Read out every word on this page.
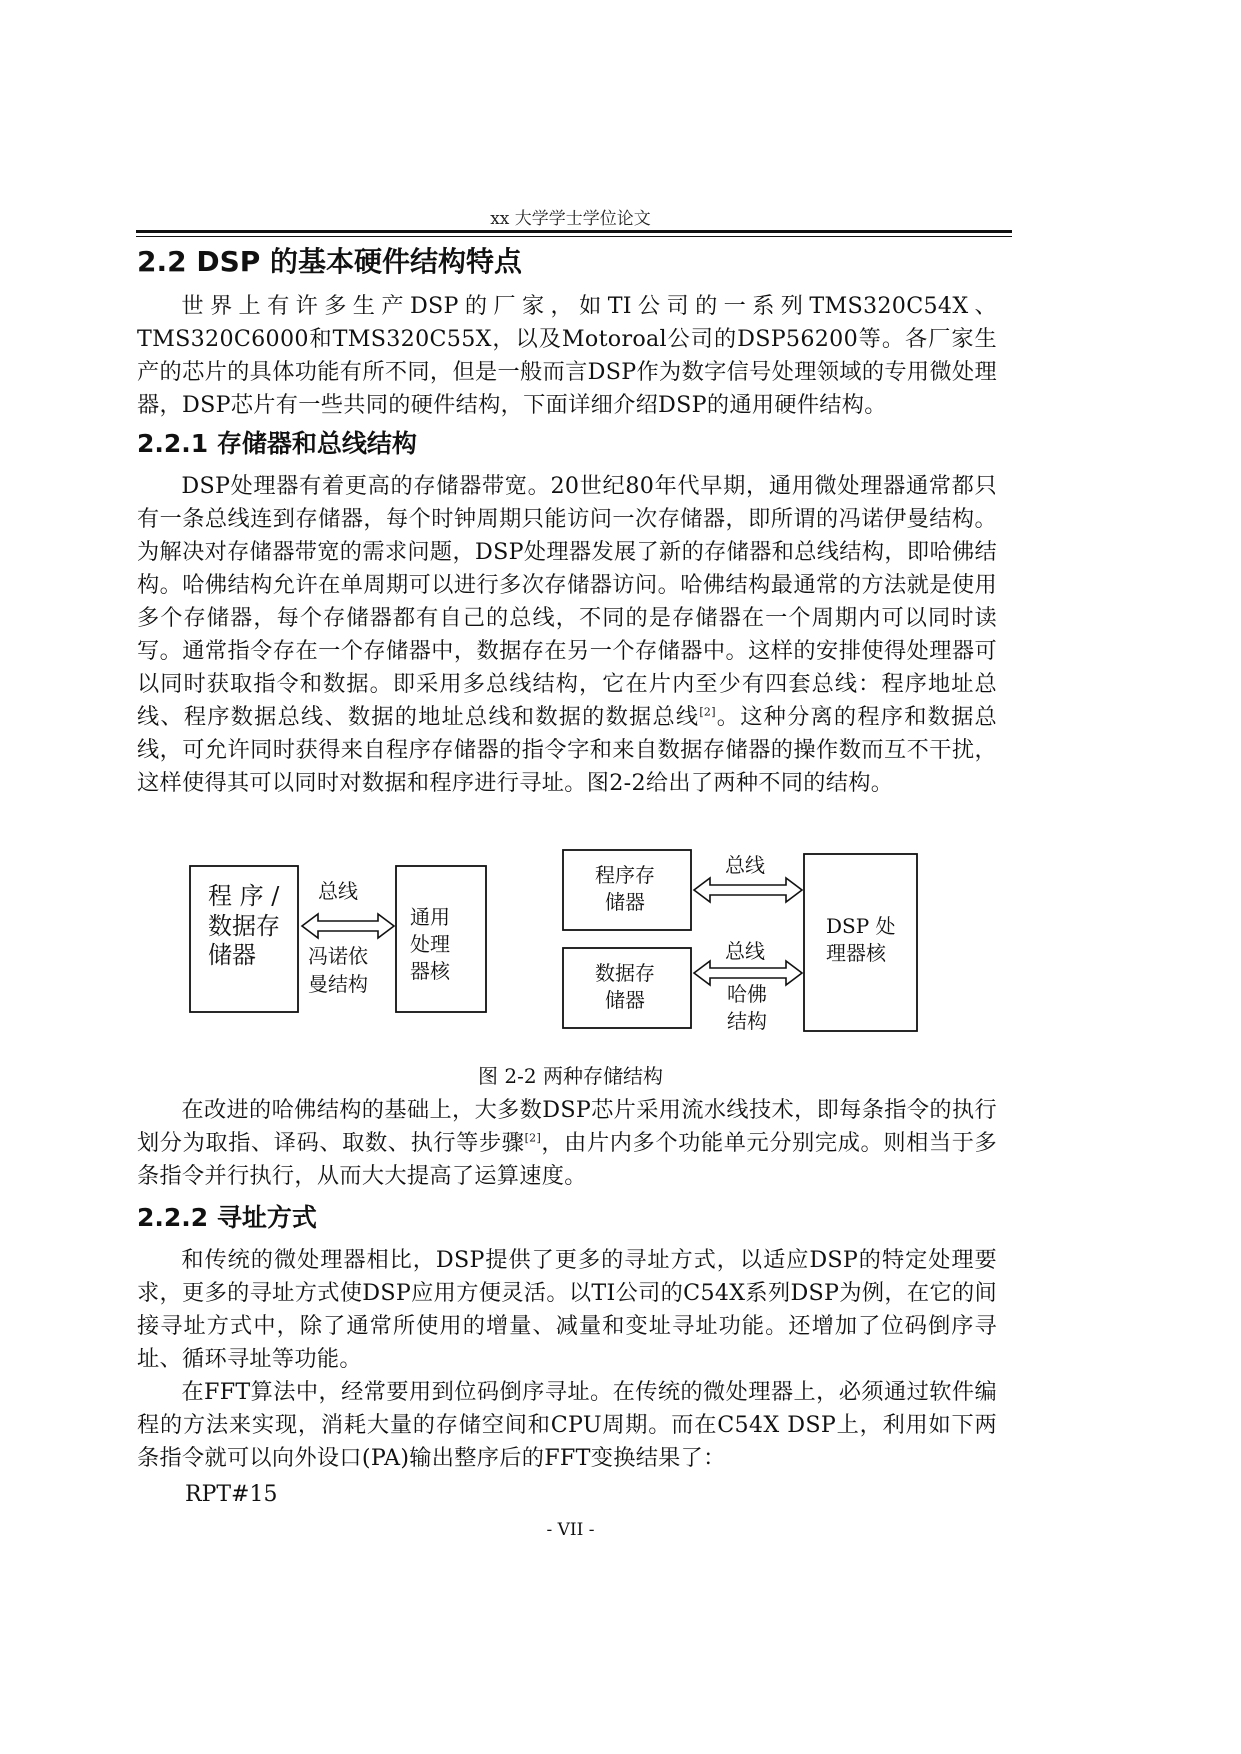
xx 大学学士学位论文
2.2 DSP 的基本硬件结构特点

世界上有许多生产DSP的厂家，如TI公司的一系列TMS320C54X、TMS320C6000和TMS320C55X，以及Motoroal公司的DSP56200等。各厂家生产的芯片的具体功能有所不同，但是一般而言DSP作为数字信号处理领域的专用微处理器，DSP芯片有一些共同的硬件结构，下面详细介绍DSP的通用硬件结构。

2.2.1 存储器和总线结构

DSP处理器有着更高的存储器带宽。20世纪80年代早期，通用微处理器通常都只有一条总线连到存储器，每个时钟周期只能访问一次存储器，即所谓的冯诺伊曼结构。为解决对存储器带宽的需求问题，DSP处理器发展了新的存储器和总线结构，即哈佛结构。哈佛结构允许在单周期可以进行多次存储器访问。哈佛结构最通常的方法就是使用多个存储器，每个存储器都有自己的总线，不同的是存储器在一个周期内可以同时读写。通常指令存在一个存储器中，数据存在另一个存储器中。这样的安排使得处理器可以同时获取指令和数据。即采用多总线结构，它在片内至少有四套总线：程序地址总线、程序数据总线、数据的地址总线和数据的数据总线[2]。这种分离的程序和数据总线，可允许同时获得来自程序存储器的指令字和来自数据存储器的操作数而互不干扰，这样使得其可以同时对数据和程序进行寻址。图2-2给出了两种不同的结构。

程 序 /
数据存
储器
总线
冯诺依
曼结构
通用
处理
器核
程序存
储器
数据存
储器
总线
总线
哈佛
结构
DSP 处
理器核
图 2-2 两种存储结构

在改进的哈佛结构的基础上，大多数DSP芯片采用流水线技术，即每条指令的执行划分为取指、译码、取数、执行等步骤[2]，由片内多个功能单元分别完成。则相当于多条指令并行执行，从而大大提高了运算速度。

2.2.2 寻址方式

和传统的微处理器相比，DSP提供了更多的寻址方式，以适应DSP的特定处理要求，更多的寻址方式使DSP应用方便灵活。以TI公司的C54X系列DSP为例，在它的间接寻址方式中，除了通常所使用的增量、减量和变址寻址功能。还增加了位码倒序寻址、循环寻址等功能。

在FFT算法中，经常要用到位码倒序寻址。在传统的微处理器上，必须通过软件编程的方法来实现，消耗大量的存储空间和CPU周期。而在C54X DSP上，利用如下两条指令就可以向外设口(PA)输出整序后的FFT变换结果了：

RPT#15
- VII -
